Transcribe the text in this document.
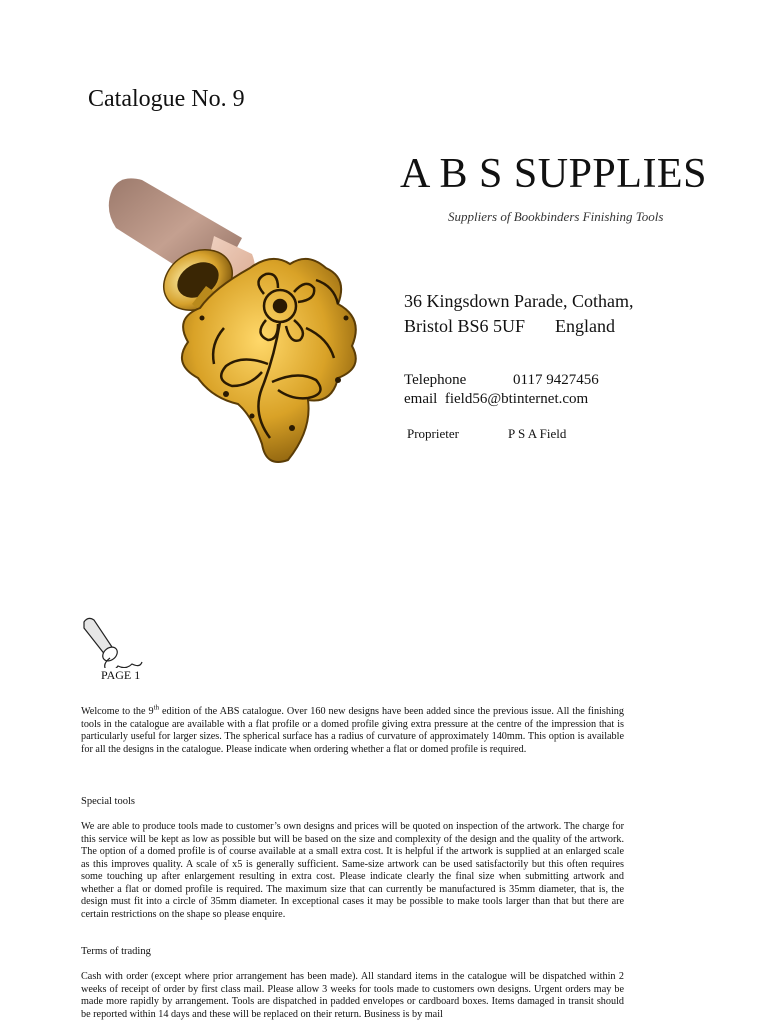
Catalogue No. 9
A B S SUPPLIES
Suppliers of Bookbinders Finishing Tools
36 Kingsdown Parade, Cotham,
Bristol BS6 5UF England
Telephone	0117 9427456
email field56@btinternet.com
Proprieter	P S A Field
PAGE 1
Welcome to the 9th edition of the ABS catalogue. Over 160 new designs have been added since the previous issue. All the finishing tools in the catalogue are available with a flat profile or a domed profile giving extra pressure at the centre of the impression that is particularly useful for larger sizes. The spherical surface has a radius of curvature of approximately 140mm. This option is available for all the designs in the catalogue. Please indicate when ordering whether a flat or domed profile is required.
Special tools
We are able to produce tools made to customer’s own designs and prices will be quoted on inspection of the artwork. The charge for this service will be kept as low as possible but will be based on the size and complexity of the design and the quality of the artwork. The option of a domed profile is of course available at a small extra cost. It is helpful if the artwork is supplied at an enlarged scale as this improves quality. A scale of x5 is generally sufficient. Same-size artwork can be used satisfactorily but this often requires some touching up after enlargement resulting in extra cost. Please indicate clearly the final size when submitting artwork and whether a flat or domed profile is required. The maximum size that can currently be manufactured is 35mm diameter, that is, the design must fit into a circle of 35mm diameter. In exceptional cases it may be possible to make tools larger than that but there are certain restrictions on the shape so please enquire.
Terms of trading
Cash with order (except where prior arrangement has been made). All standard items in the catalogue will be dispatched within 2 weeks of receipt of order by first class mail. Please allow 3 weeks for tools made to customers own designs. Urgent orders may be made more rapidly by arrangement. Tools are dispatched in padded envelopes or cardboard boxes. Items damaged in transit should be reported within 14 days and these will be replaced on their return. Business is by mail
